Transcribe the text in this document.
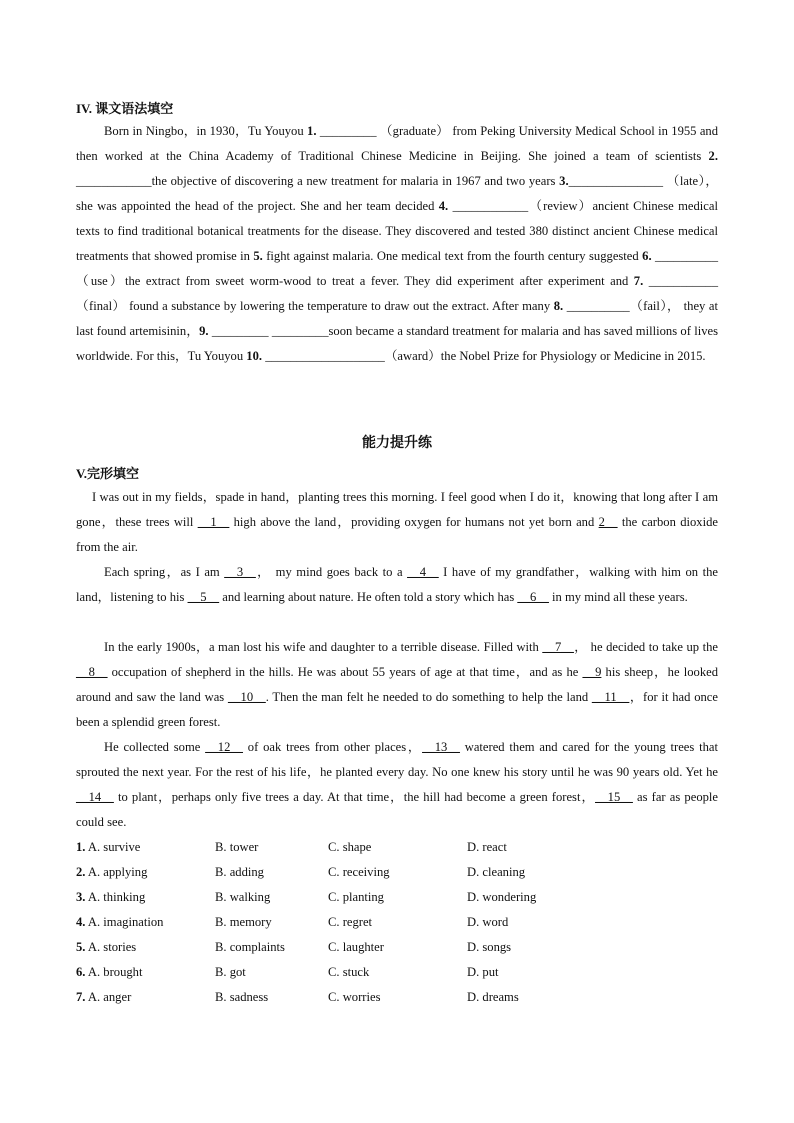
IV. 课文语法填空

Born in Ningbo，in 1930，Tu Youyou 1. _________ （graduate） from Peking University Medical School in 1955 and then worked at the China Academy of Traditional Chinese Medicine in Beijing. She joined a team of scientists 2. ____________the objective of discovering a new treatment for malaria in 1967 and two years 3._______________ （late）， she was appointed the head of the project. She and her team decided 4. ____________（review）ancient Chinese medical texts to find traditional botanical treatments for the disease. They discovered and tested 380 distinct ancient Chinese medical treatments that showed promise in 5. fight against malaria. One medical text from the fourth century suggested 6. __________（use）the extract from sweet worm-wood to treat a fever. They did experiment after experiment and 7. ___________（final） found a substance by lowering the temperature to draw out the extract. After many 8. __________（fail）， they at last found artemisinin，9. _________ _________soon became a standard treatment for malaria and has saved millions of lives worldwide. For this，Tu Youyou 10. ___________________（award）the Nobel Prize for Physiology or Medicine in 2015.

能力提升练
V.完形填空

I was out in my fields，spade in hand，planting trees this morning. I feel good when I do it，knowing that long after I am gone，these trees will __1__ high above the land，providing oxygen for humans not yet born and 2__ the carbon dioxide from the air.

Each spring，as I am __3__， my mind goes back to a __4__ I have of my grandfather，walking with him on the land，listening to his __5__ and learning about nature. He often told a story which has __6__ in my mind all these years.

In the early 1900s，a man lost his wife and daughter to a terrible disease. Filled with __7__， he decided to take up the __8__ occupation of shepherd in the hills. He was about 55 years of age at that time，and as he __9 his sheep，he looked around and saw the land was __10__. Then the man felt he needed to do something to help the land __11__，for it had once been a splendid green forest.

He collected some __12__ of oak trees from other places，__13__ watered them and cared for the young trees that sprouted the next year. For the rest of his life，he planted every day. No one knew his story until he was 90 years old. Yet he __14__ to plant，perhaps only five trees a day. At that time，the hill had become a green forest，__15__ as far as people could see.

1. A. survive	B. tower	C. shape	D. react
2. A. applying	B. adding	C. receiving	D. cleaning
3. A. thinking	B. walking	C. planting	D. wondering
4. A. imagination	B. memory	C. regret	D. word
5. A. stories	B. complaints	C. laughter	D. songs
6. A. brought	B. got	C. stuck	D. put
7. A. anger	B. sadness	C. worries	D. dreams
